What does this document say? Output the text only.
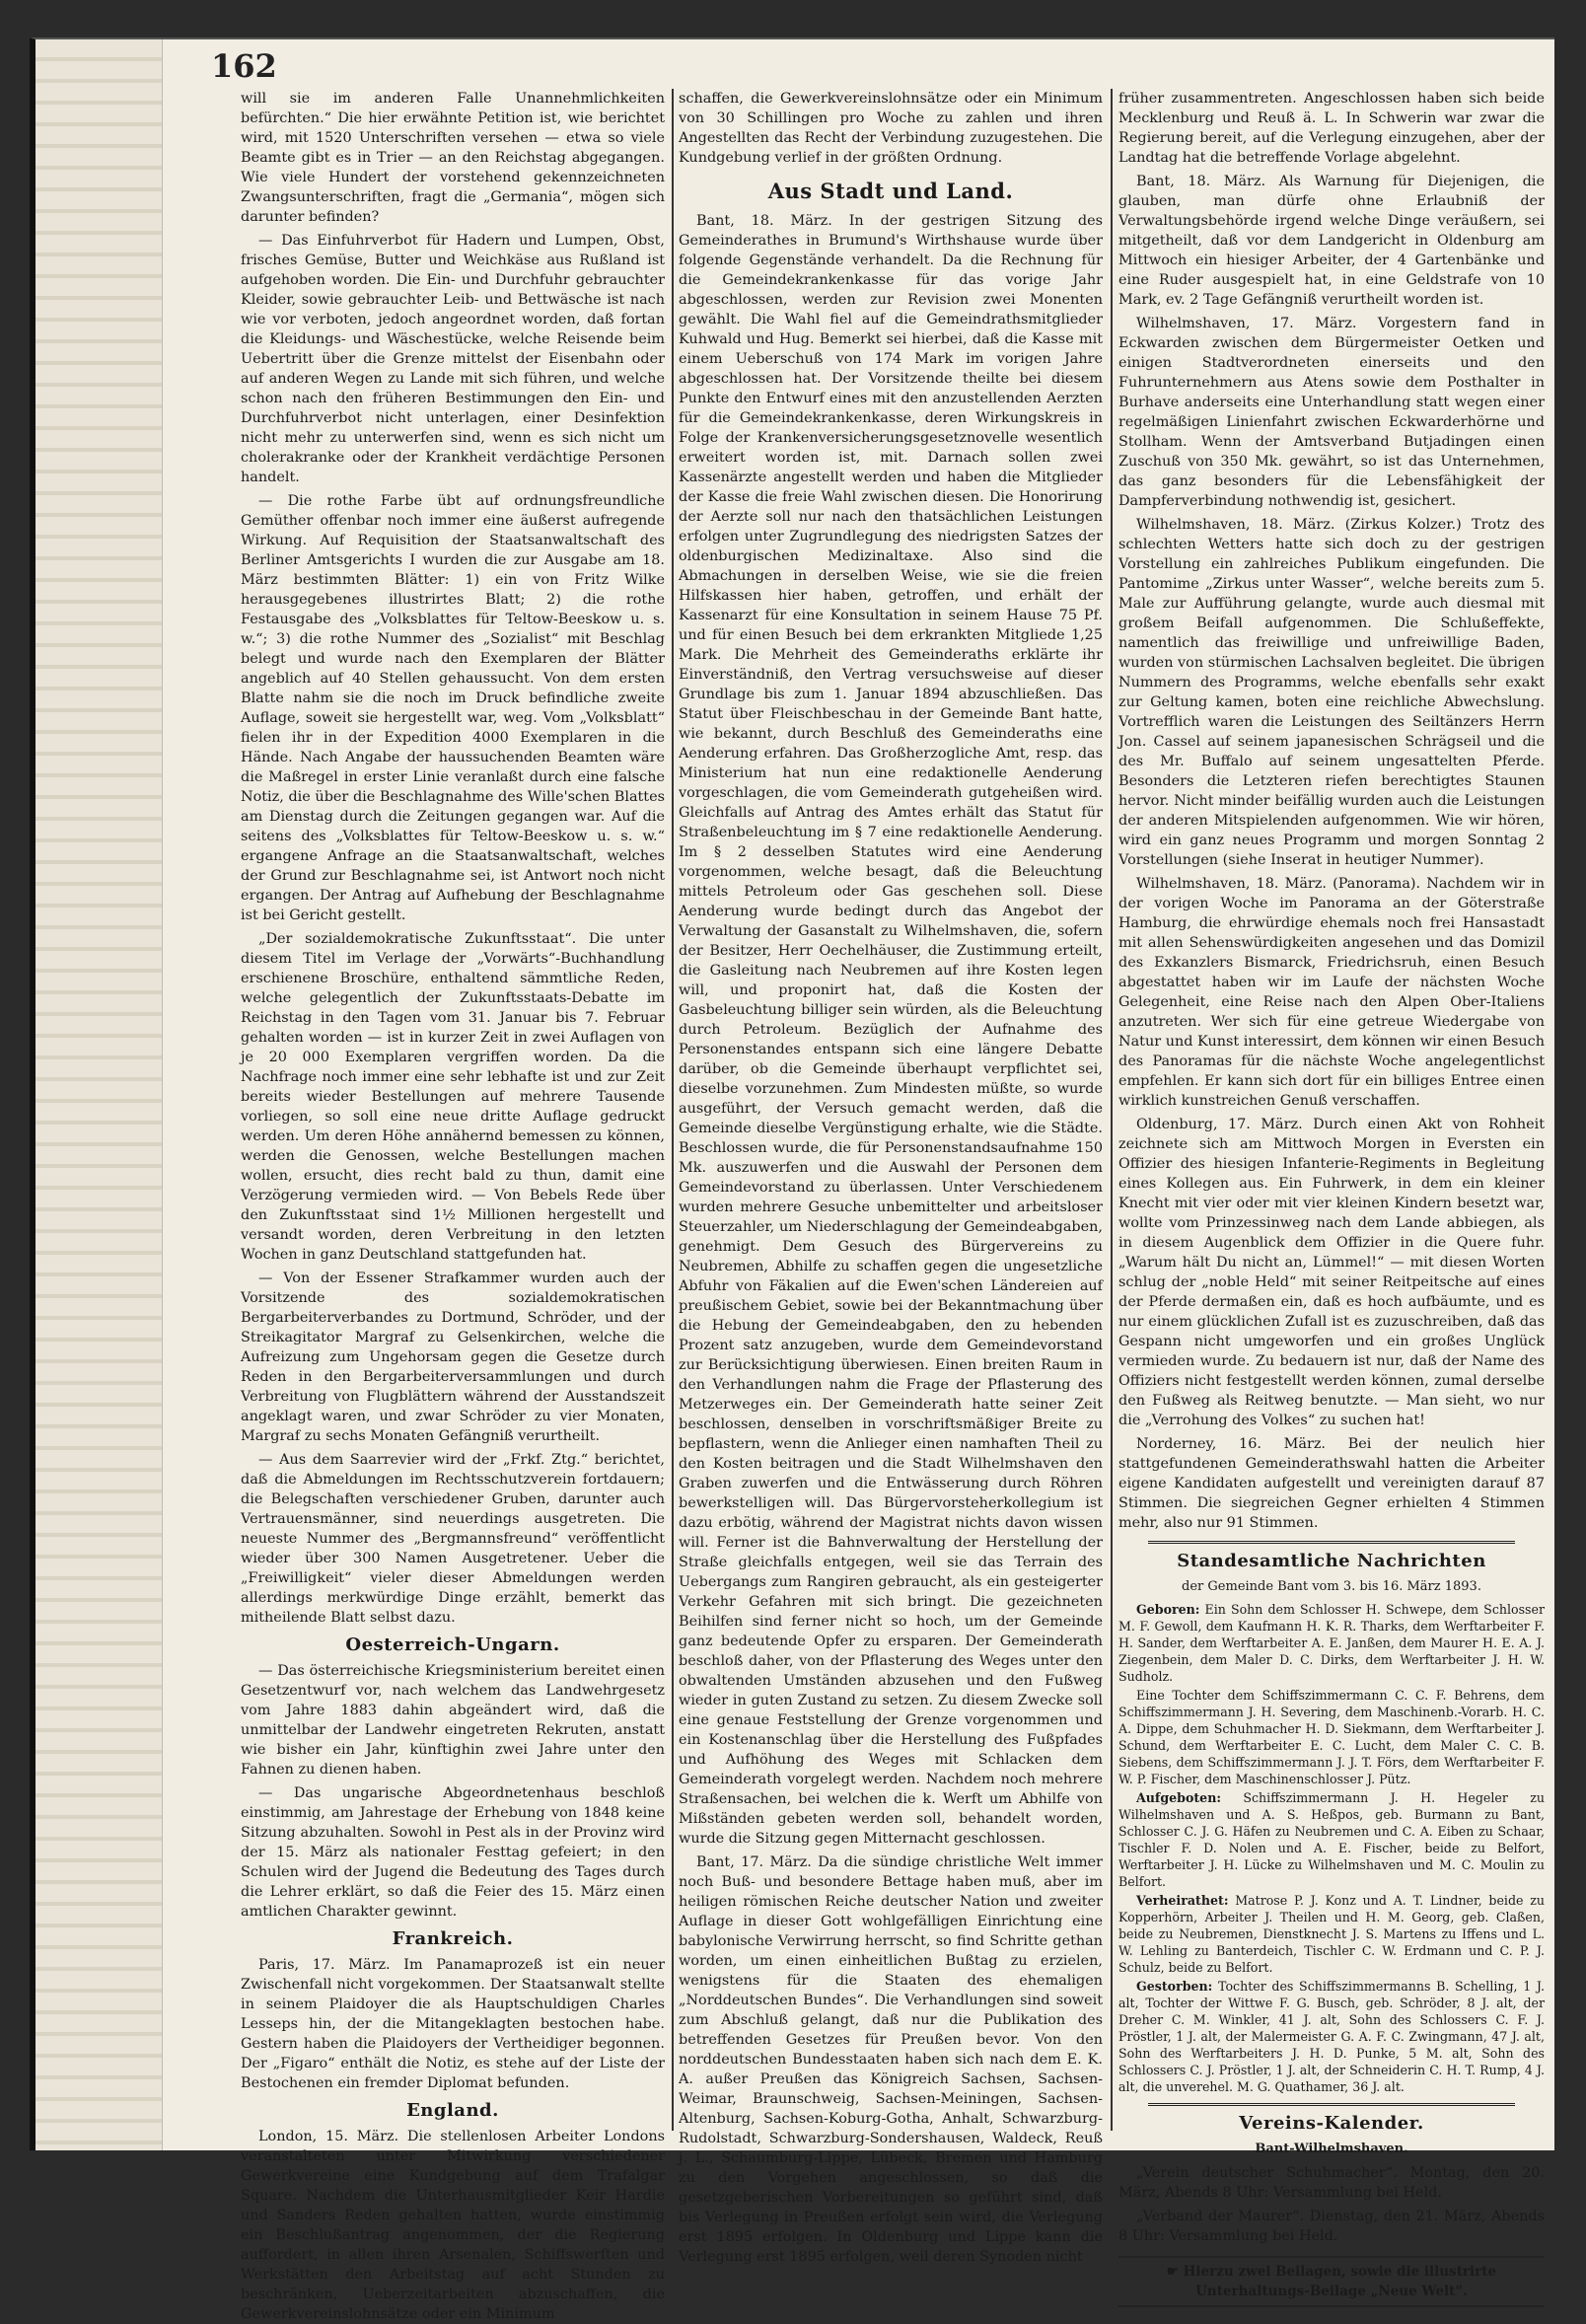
162

will sie im anderen Falle Unannehmlichkeiten befürchten.“ Die hier erwähnte Petition ist, wie berichtet wird, mit 1520 Unterschriften versehen — etwa so viele Beamte gibt es in Trier — an den Reichstag abgegangen. Wie viele Hundert der vorstehend gekennzeichneten Zwangsunterschriften, fragt die „Germania“, mögen sich darunter befinden?

— Das Einfuhrverbot für Hadern und Lumpen, Obst, frisches Gemüse, Butter und Weichkäse aus Rußland ist aufgehoben worden. Die Ein- und Durchfuhr gebrauchter Kleider, sowie gebrauchter Leib- und Bettwäsche ist nach wie vor verboten, jedoch angeordnet worden, daß fortan die Kleidungs- und Wäschestücke, welche Reisende beim Uebertritt über die Grenze mittelst der Eisenbahn oder auf anderen Wegen zu Lande mit sich führen, und welche schon nach den früheren Bestimmungen den Ein- und Durchfuhrverbot nicht unterlagen, einer Desinfektion nicht mehr zu unterwerfen sind, wenn es sich nicht um cholerakranke oder der Krankheit verdächtige Personen handelt.

— Die rothe Farbe übt auf ordnungsfreundliche Gemüther offenbar noch immer eine äußerst aufregende Wirkung. Auf Requisition der Staatsanwaltschaft des Berliner Amtsgerichts I wurden die zur Ausgabe am 18. März bestimmten Blätter: 1) ein von Fritz Wilke herausgegebenes illustrirtes Blatt; 2) die rothe Festausgabe des „Volksblattes für Teltow-Beeskow u. s. w.“; 3) die rothe Nummer des „Sozialist“ mit Beschlag belegt und wurde nach den Exemplaren der Blätter angeblich auf 40 Stellen gehaussucht. Von dem ersten Blatte nahm sie die noch im Druck befindliche zweite Auflage, soweit sie hergestellt war, weg. Vom „Volksblatt“ fielen ihr in der Expedition 4000 Exemplaren in die Hände. Nach Angabe der haussuchenden Beamten wäre die Maßregel in erster Linie veranlaßt durch eine falsche Notiz, die über die Beschlagnahme des Wille'schen Blattes am Dienstag durch die Zeitungen gegangen war. Auf die seitens des „Volksblattes für Teltow-Beeskow u. s. w.“ ergangene Anfrage an die Staatsanwaltschaft, welches der Grund zur Beschlagnahme sei, ist Antwort noch nicht ergangen. Der Antrag auf Aufhebung der Beschlagnahme ist bei Gericht gestellt.

„Der sozialdemokratische Zukunftsstaat“. Die unter diesem Titel im Verlage der „Vorwärts“-Buchhandlung erschienene Broschüre, enthaltend sämmtliche Reden, welche gelegentlich der Zukunftsstaats-Debatte im Reichstag in den Tagen vom 31. Januar bis 7. Februar gehalten worden — ist in kurzer Zeit in zwei Auflagen von je 20 000 Exemplaren vergriffen worden. Da die Nachfrage noch immer eine sehr lebhafte ist und zur Zeit bereits wieder Bestellungen auf mehrere Tausende vorliegen, so soll eine neue dritte Auflage gedruckt werden. Um deren Höhe annähernd bemessen zu können, werden die Genossen, welche Bestellungen machen wollen, ersucht, dies recht bald zu thun, damit eine Verzögerung vermieden wird. — Von Bebels Rede über den Zukunftsstaat sind 1½ Millionen hergestellt und versandt worden, deren Verbreitung in den letzten Wochen in ganz Deutschland stattgefunden hat.

— Von der Essener Strafkammer wurden auch der Vorsitzende des sozialdemokratischen Bergarbeiterverbandes zu Dortmund, Schröder, und der Streikagitator Margraf zu Gelsenkirchen, welche die Aufreizung zum Ungehorsam gegen die Gesetze durch Reden in den Bergarbeiterversammlungen und durch Verbreitung von Flugblättern während der Ausstandszeit angeklagt waren, und zwar Schröder zu vier Monaten, Margraf zu sechs Monaten Gefängniß verurtheilt.

— Aus dem Saarrevier wird der „Frkf. Ztg.“ berichtet, daß die Abmeldungen im Rechtsschutzverein fortdauern; die Belegschaften verschiedener Gruben, darunter auch Vertrauensmänner, sind neuerdings ausgetreten. Die neueste Nummer des „Bergmannsfreund“ veröffentlicht wieder über 300 Namen Ausgetretener. Ueber die „Freiwilligkeit“ vieler dieser Abmeldungen werden allerdings merkwürdige Dinge erzählt, bemerkt das mitheilende Blatt selbst dazu.

Oesterreich-Ungarn.

— Das österreichische Kriegsministerium bereitet einen Gesetzentwurf vor, nach welchem das Landwehrgesetz vom Jahre 1883 dahin abgeändert wird, daß die unmittelbar der Landwehr eingetreten Rekruten, anstatt wie bisher ein Jahr, künftighin zwei Jahre unter den Fahnen zu dienen haben.

— Das ungarische Abgeordnetenhaus beschloß einstimmig, am Jahrestage der Erhebung von 1848 keine Sitzung abzuhalten. Sowohl in Pest als in der Provinz wird der 15. März als nationaler Festtag gefeiert; in den Schulen wird der Jugend die Bedeutung des Tages durch die Lehrer erklärt, so daß die Feier des 15. März einen amtlichen Charakter gewinnt.

Frankreich.

Paris, 17. März. Im Panamaprozeß ist ein neuer Zwischenfall nicht vorgekommen. Der Staatsanwalt stellte in seinem Plaidoyer die als Hauptschuldigen Charles Lesseps hin, der die Mitangeklagten bestochen habe. Gestern haben die Plaidoyers der Vertheidiger begonnen. Der „Figaro“ enthält die Notiz, es stehe auf der Liste der Bestochenen ein fremder Diplomat befunden.

England.

London, 15. März. Die stellenlosen Arbeiter Londons veranstalteten unter Mitwirkung verschiedener Gewerkvereine eine Kundgebung auf dem Trafalgar Square. Nachdem die Unterhausmitglieder Keir Hardie und Sanders Reden gehalten hatten, wurde einstimmig ein Beschlußantrag angenommen, der die Regierung auffordert, in allen ihren Arsenalen, Schiffswerften und Werkstätten den Arbeitstag auf acht Stunden zu beschränken, Ueberzeitarbeiten abzuschaffen, die Gewerkvereinslohnsätze oder ein Minimum

schaffen, die Gewerkvereinslohnsätze oder ein Minimum von 30 Schillingen pro Woche zu zahlen und ihren Angestellten das Recht der Verbindung zuzugestehen. Die Kundgebung verlief in der größten Ordnung.

Aus Stadt und Land.

Bant, 18. März. In der gestrigen Sitzung des Gemeinderathes in Brumund's Wirthshause wurde über folgende Gegenstände verhandelt. Da die Rechnung für die Gemeindekrankenkasse für das vorige Jahr abgeschlossen, werden zur Revision zwei Monenten gewählt. Die Wahl fiel auf die Gemeindrathsmitglieder Kuhwald und Hug. Bemerkt sei hierbei, daß die Kasse mit einem Ueberschuß von 174 Mark im vorigen Jahre abgeschlossen hat. Der Vorsitzende theilte bei diesem Punkte den Entwurf eines mit den anzustellenden Aerzten für die Gemeindekrankenkasse, deren Wirkungskreis in Folge der Krankenversicherungsgesetznovelle wesentlich erweitert worden ist, mit. Darnach sollen zwei Kassenärzte angestellt werden und haben die Mitglieder der Kasse die freie Wahl zwischen diesen. Die Honorirung der Aerzte soll nur nach den thatsächlichen Leistungen erfolgen unter Zugrundlegung des niedrigsten Satzes der oldenburgischen Medizinaltaxe. Also sind die Abmachungen in derselben Weise, wie sie die freien Hilfskassen hier haben, getroffen, und erhält der Kassenarzt für eine Konsultation in seinem Hause 75 Pf. und für einen Besuch bei dem erkrankten Mitgliede 1,25 Mark. Die Mehrheit des Gemeinderaths erklärte ihr Einverständniß, den Vertrag versuchsweise auf dieser Grundlage bis zum 1. Januar 1894 abzuschließen. Das Statut über Fleischbeschau in der Gemeinde Bant hatte, wie bekannt, durch Beschluß des Gemeinderaths eine Aenderung erfahren. Das Großherzogliche Amt, resp. das Ministerium hat nun eine redaktionelle Aenderung vorgeschlagen, die vom Gemeinderath gutgeheißen wird. Gleichfalls auf Antrag des Amtes erhält das Statut für Straßenbeleuchtung im § 7 eine redaktionelle Aenderung. Im § 2 desselben Statutes wird eine Aenderung vorgenommen, welche besagt, daß die Beleuchtung mittels Petroleum oder Gas geschehen soll. Diese Aenderung wurde bedingt durch das Angebot der Verwaltung der Gasanstalt zu Wilhelmshaven, die, sofern der Besitzer, Herr Oechelhäuser, die Zustimmung erteilt, die Gasleitung nach Neubremen auf ihre Kosten legen will, und proponirt hat, daß die Kosten der Gasbeleuchtung billiger sein würden, als die Beleuchtung durch Petroleum. Bezüglich der Aufnahme des Personenstandes entspann sich eine längere Debatte darüber, ob die Gemeinde überhaupt verpflichtet sei, dieselbe vorzunehmen. Zum Mindesten müßte, so wurde ausgeführt, der Versuch gemacht werden, daß die Gemeinde dieselbe Vergünstigung erhalte, wie die Städte. Beschlossen wurde, die für Personenstandsaufnahme 150 Mk. auszuwerfen und die Auswahl der Personen dem Gemeindevorstand zu überlassen. Unter Verschiedenem wurden mehrere Gesuche unbemittelter und arbeitsloser Steuerzahler, um Niederschlagung der Gemeindeabgaben, genehmigt. Dem Gesuch des Bürgervereins zu Neubremen, Abhilfe zu schaffen gegen die ungesetzliche Abfuhr von Fäkalien auf die Ewen'schen Ländereien auf preußischem Gebiet, sowie bei der Bekanntmachung über die Hebung der Gemeindeabgaben, den zu hebenden Prozent satz anzugeben, wurde dem Gemeindevorstand zur Berücksichtigung überwiesen. Einen breiten Raum in den Verhandlungen nahm die Frage der Pflasterung des Metzerweges ein. Der Gemeinderath hatte seiner Zeit beschlossen, denselben in vorschriftsmäßiger Breite zu bepflastern, wenn die Anlieger einen namhaften Theil zu den Kosten beitragen und die Stadt Wilhelmshaven den Graben zuwerfen und die Entwässerung durch Röhren bewerkstelligen will. Das Bürgervorsteherkollegium ist dazu erbötig, während der Magistrat nichts davon wissen will. Ferner ist die Bahnverwaltung der Herstellung der Straße gleichfalls entgegen, weil sie das Terrain des Uebergangs zum Rangiren gebraucht, als ein gesteigerter Verkehr Gefahren mit sich bringt. Die gezeichneten Beihilfen sind ferner nicht so hoch, um der Gemeinde ganz bedeutende Opfer zu ersparen. Der Gemeinderath beschloß daher, von der Pflasterung des Weges unter den obwaltenden Umständen abzusehen und den Fußweg wieder in guten Zustand zu setzen. Zu diesem Zwecke soll eine genaue Feststellung der Grenze vorgenommen und ein Kostenanschlag über die Herstellung des Fußpfades und Aufhöhung des Weges mit Schlacken dem Gemeinderath vorgelegt werden. Nachdem noch mehrere Straßensachen, bei welchen die k. Werft um Abhilfe von Mißständen gebeten werden soll, behandelt worden, wurde die Sitzung gegen Mitternacht geschlossen.

Bant, 17. März. Da die sündige christliche Welt immer noch Buß- und besondere Bettage haben muß, aber im heiligen römischen Reiche deutscher Nation und zweiter Auflage in dieser Gott wohlgefälligen Einrichtung eine babylonische Verwirrung herrscht, so find Schritte gethan worden, um einen einheitlichen Bußtag zu erzielen, wenigstens für die Staaten des ehemaligen „Norddeutschen Bundes“. Die Verhandlungen sind soweit zum Abschluß gelangt, daß nur die Publikation des betreffenden Gesetzes für Preußen bevor. Von den norddeutschen Bundesstaaten haben sich nach dem E. K. A. außer Preußen das Königreich Sachsen, Sachsen-Weimar, Braunschweig, Sachsen-Meiningen, Sachsen-Altenburg, Sachsen-Koburg-Gotha, Anhalt, Schwarzburg-Rudolstadt, Schwarzburg-Sondershausen, Waldeck, Reuß j. L., Schaumburg-Lippe, Lübeck, Bremen und Hamburg zu den Vorgehen angeschlossen, so daß die gesetzgeberischen Vorbereitungen so geführt sind, daß bis Verlegung in Preußen erfolgt sein wird, die Verlegung erst 1895 erfolgen. In Oldenburg und Lippe kann die Verlegung erst 1895 erfolgen, weil deren Synoden nicht

früher zusammentreten. Angeschlossen haben sich beide Mecklenburg und Reuß ä. L. In Schwerin war zwar die Regierung bereit, auf die Verlegung einzugehen, aber der Landtag hat die betreffende Vorlage abgelehnt.

Bant, 18. März. Als Warnung für Diejenigen, die glauben, man dürfe ohne Erlaubniß der Verwaltungsbehörde irgend welche Dinge veräußern, sei mitgetheilt, daß vor dem Landgericht in Oldenburg am Mittwoch ein hiesiger Arbeiter, der 4 Gartenbänke und eine Ruder ausgespielt hat, in eine Geldstrafe von 10 Mark, ev. 2 Tage Gefängniß verurtheilt worden ist.

Wilhelmshaven, 17. März. Vorgestern fand in Eckwarden zwischen dem Bürgermeister Oetken und einigen Stadtverordneten einerseits und den Fuhrunternehmern aus Atens sowie dem Posthalter in Burhave anderseits eine Unterhandlung statt wegen einer regelmäßigen Linienfahrt zwischen Eckwarderhörne und Stollham. Wenn der Amtsverband Butjadingen einen Zuschuß von 350 Mk. gewährt, so ist das Unternehmen, das ganz besonders für die Lebensfähigkeit der Dampferverbindung nothwendig ist, gesichert.

Wilhelmshaven, 18. März. (Zirkus Kolzer.) Trotz des schlechten Wetters hatte sich doch zu der gestrigen Vorstellung ein zahlreiches Publikum eingefunden. Die Pantomime „Zirkus unter Wasser“, welche bereits zum 5. Male zur Aufführung gelangte, wurde auch diesmal mit großem Beifall aufgenommen. Die Schlußeffekte, namentlich das freiwillige und unfreiwillige Baden, wurden von stürmischen Lachsalven begleitet. Die übrigen Nummern des Programms, welche ebenfalls sehr exakt zur Geltung kamen, boten eine reichliche Abwechslung. Vortrefflich waren die Leistungen des Seiltänzers Herrn Jon. Cassel auf seinem japanesischen Schrägseil und die des Mr. Buffalo auf seinem ungesattelten Pferde. Besonders die Letzteren riefen berechtigtes Staunen hervor. Nicht minder beifällig wurden auch die Leistungen der anderen Mitspielenden aufgenommen. Wie wir hören, wird ein ganz neues Programm und morgen Sonntag 2 Vorstellungen (siehe Inserat in heutiger Nummer).

Wilhelmshaven, 18. März. (Panorama). Nachdem wir in der vorigen Woche im Panorama an der Göterstraße Hamburg, die ehrwürdige ehemals noch frei Hansastadt mit allen Sehenswürdigkeiten angesehen und das Domizil des Exkanzlers Bismarck, Friedrichsruh, einen Besuch abgestattet haben wir im Laufe der nächsten Woche Gelegenheit, eine Reise nach den Alpen Ober-Italiens anzutreten. Wer sich für eine getreue Wiedergabe von Natur und Kunst interessirt, dem können wir einen Besuch des Panoramas für die nächste Woche angelegentlichst empfehlen. Er kann sich dort für ein billiges Entree einen wirklich kunstreichen Genuß verschaffen.

Oldenburg, 17. März. Durch einen Akt von Rohheit zeichnete sich am Mittwoch Morgen in Eversten ein Offizier des hiesigen Infanterie-Regiments in Begleitung eines Kollegen aus. Ein Fuhrwerk, in dem ein kleiner Knecht mit vier oder mit vier kleinen Kindern besetzt war, wollte vom Prinzessinweg nach dem Lande abbiegen, als in diesem Augenblick dem Offizier in die Quere fuhr. „Warum hält Du nicht an, Lümmel!“ — mit diesen Worten schlug der „noble Held“ mit seiner Reitpeitsche auf eines der Pferde dermaßen ein, daß es hoch aufbäumte, und es nur einem glücklichen Zufall ist es zuzuschreiben, daß das Gespann nicht umgeworfen und ein großes Unglück vermieden wurde. Zu bedauern ist nur, daß der Name des Offiziers nicht festgestellt werden können, zumal derselbe den Fußweg als Reitweg benutzte. — Man sieht, wo nur die „Verrohung des Volkes“ zu suchen hat!

Norderney, 16. März. Bei der neulich hier stattgefundenen Gemeinderathswahl hatten die Arbeiter eigene Kandidaten aufgestellt und vereinigten darauf 87 Stimmen. Die siegreichen Gegner erhielten 4 Stimmen mehr, also nur 91 Stimmen.

Standesamtliche Nachrichten
der Gemeinde Bant vom 3. bis 16. März 1893.

Geboren: Ein Sohn dem Schlosser H. Schwepe, dem Schlosser M. F. Gewoll, dem Kaufmann H. K. R. Tharks, dem Werftarbeiter F. H. Sander, dem Werftarbeiter A. E. Janßen, dem Maurer H. E. A. J. Ziegenbein, dem Maler D. C. Dirks, dem Werftarbeiter J. H. W. Sudholz.

Eine Tochter dem Schiffszimmermann C. C. F. Behrens, dem Schiffszimmermann J. H. Severing, dem Maschinenb.-Vorarb. H. C. A. Dippe, dem Schuhmacher H. D. Siekmann, dem Werftarbeiter J. Schund, dem Werftarbeiter E. C. Lucht, dem Maler C. C. B. Siebens, dem Schiffszimmermann J. J. T. Förs, dem Werftarbeiter F. W. P. Fischer, dem Maschinenschlosser J. Pütz.

Aufgeboten: Schiffszimmermann J. H. Hegeler zu Wilhelmshaven und A. S. Heßpos, geb. Burmann zu Bant, Schlosser C. J. G. Häfen zu Neubremen und C. A. Eiben zu Schaar, Tischler F. D. Nolen und A. E. Fischer, beide zu Belfort, Werftarbeiter J. H. Lücke zu Wilhelmshaven und M. C. Moulin zu Belfort.

Verheirathet: Matrose P. J. Konz und A. T. Lindner, beide zu Kopperhörn, Arbeiter J. Theilen und H. M. Georg, geb. Claßen, beide zu Neubremen, Dienstknecht J. S. Martens zu Iffens und L. W. Lehling zu Banterdeich, Tischler C. W. Erdmann und C. P. J. Schulz, beide zu Belfort.

Gestorben: Tochter des Schiffszimmermanns B. Schelling, 1 J. alt, Tochter der Wittwe F. G. Busch, geb. Schröder, 8 J. alt, der Dreher C. M. Winkler, 41 J. alt, Sohn des Schlossers C. F. J. Pröstler, 1 J. alt, der Malermeister G. A. F. C. Zwingmann, 47 J. alt, Sohn des Werftarbeiters J. H. D. Punke, 5 M. alt, Sohn des Schlossers C. J. Pröstler, 1 J. alt, der Schneiderin C. H. T. Rump, 4 J. alt, die unverehel. M. G. Quathamer, 36 J. alt.

Vereins-Kalender.
Bant-Wilhelmshaven.

„Verein deutscher Schuhmacher“. Montag, den 20. März, Abends 8 Uhr: Versammlung bei Held.

„Verband der Maurer“. Dienstag, den 21. März, Abends 8 Uhr: Versammlung bei Held.

☛ Hierzu zwei Beilagen, sowie die illustrirte Unterhaltungs-Beilage „Neue Welt“.
